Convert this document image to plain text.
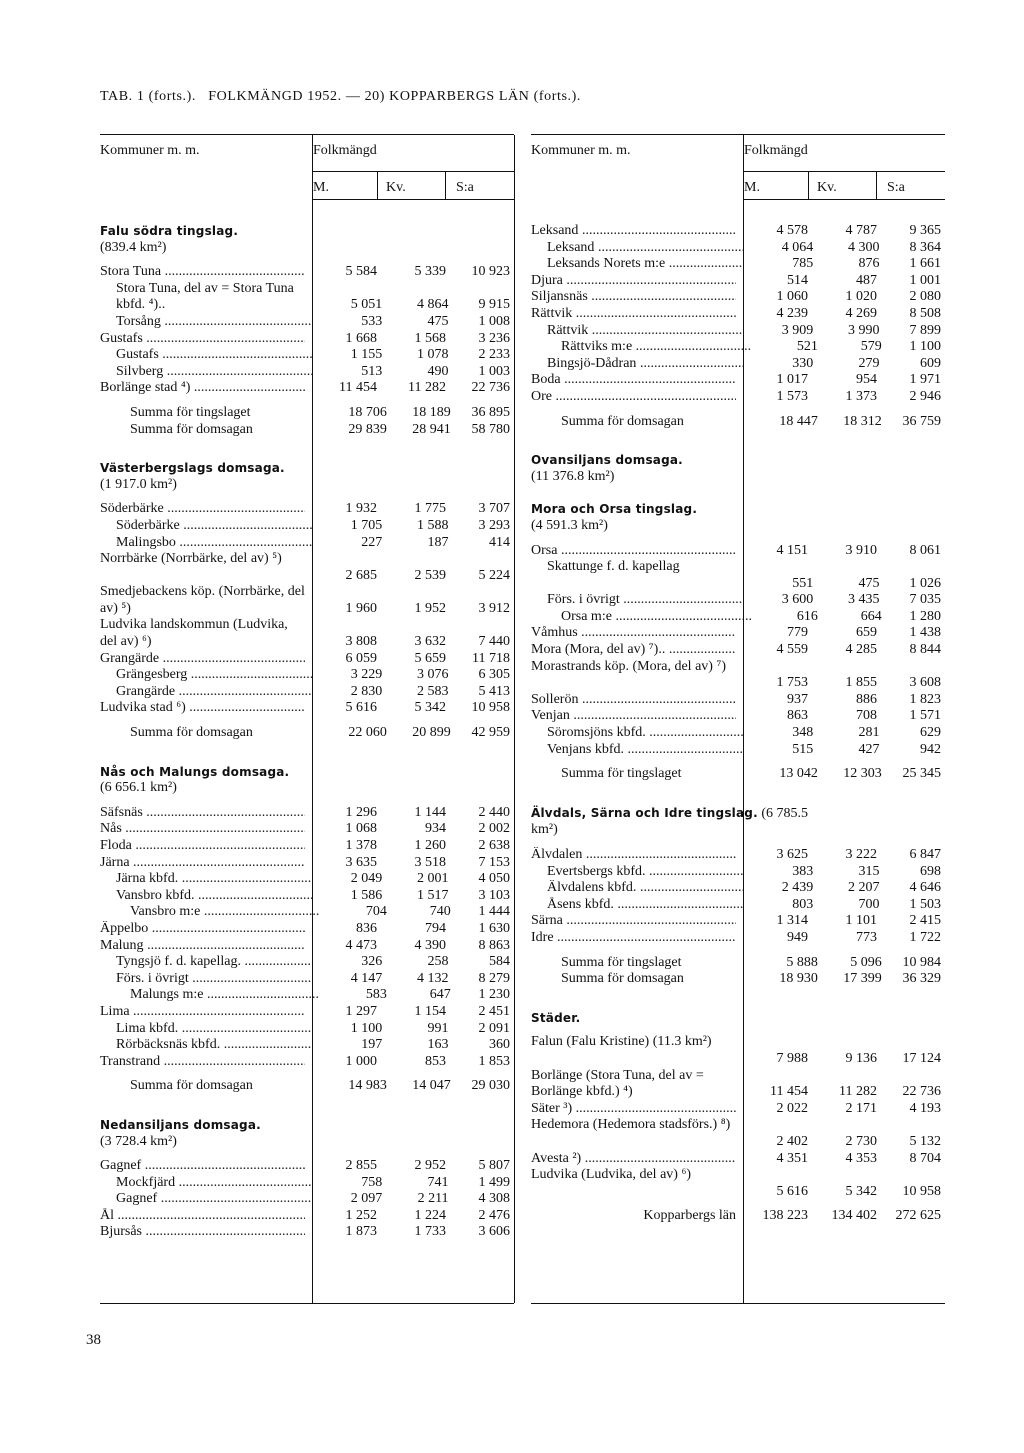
TAB. 1 (forts.). FOLKMÄNGD 1952. — 20) KOPPARBERGS LÄN (forts.).
Kommuner m. m.	Folkmängd
M.	Kv.	S:a
Falu södra tingslag.
(839.4 km²)
Stora Tuna .....	5 584	5 339	10 923
Stora Tuna, del av = Stora Tuna kbfd. ⁴)..	5 051	4 864	9 915
Torsång .....	533	475	1 008
Gustafs .....	1 668	1 568	3 236
Gustafs .....	1 155	1 078	2 233
Silvberg .....	513	490	1 003
Borlänge stad ⁴) .....	11 454	11 282	22 736
Summa för tingslaget	18 706	18 189	36 895
Summa för domsagan	29 839	28 941	58 780
Västerbergslags domsaga.
(1 917.0 km²)
Söderbärke .....	1 932	1 775	3 707
Söderbärke .....	1 705	1 588	3 293
Malingsbo .....	227	187	414
Norrbärke (Norrbärke, del av) ⁵)
2 685	2 539	5 224
Smedjebackens köp. (Norrbärke, del av) ⁵)	1 960	1 952	3 912
Ludvika landskommun (Ludvika, del av) ⁶)	3 808	3 632	7 440
Grangärde .....	6 059	5 659	11 718
Grängesberg .....	3 229	3 076	6 305
Grangärde .....	2 830	2 583	5 413
Ludvika stad ⁶) .....	5 616	5 342	10 958
Summa för domsagan	22 060	20 899	42 959
Nås och Malungs domsaga.
(6 656.1 km²)
Säfsnäs .....	1 296	1 144	2 440
Nås .....	1 068	934	2 002
Floda .....	1 378	1 260	2 638
Järna .....	3 635	3 518	7 153
Järna kbfd. .....	2 049	2 001	4 050
Vansbro kbfd. .....	1 586	1 517	3 103
Vansbro m:e .....	704	740	1 444
Äppelbo .....	836	794	1 630
Malung .....	4 473	4 390	8 863
Tyngsjö f. d. kapellag. .....	326	258	584
Förs. i övrigt .....	4 147	4 132	8 279
Malungs m:e .....	583	647	1 230
Lima .....	1 297	1 154	2 451
Lima kbfd. .....	1 100	991	2 091
Rörbäcksnäs kbfd. .....	197	163	360
Transtrand .....	1 000	853	1 853
Summa för domsagan	14 983	14 047	29 030
Nedansiljans domsaga.
(3 728.4 km²)
Gagnef .....	2 855	2 952	5 807
Mockfjärd .....	758	741	1 499
Gagnef .....	2 097	2 211	4 308
Ål .....	1 252	1 224	2 476
Bjursås .....	1 873	1 733	3 606
Kommuner m. m.	Folkmängd
M.	Kv.	S:a
Leksand .....	4 578	4 787	9 365
Leksand .....	4 064	4 300	8 364
Leksands Norets m:e .....	785	876	1 661
Djura .....	514	487	1 001
Siljansnäs .....	1 060	1 020	2 080
Rättvik .....	4 239	4 269	8 508
Rättvik .....	3 909	3 990	7 899
Rättviks m:e .....	521	579	1 100
Bingsjö-Dådran .....	330	279	609
Boda .....	1 017	954	1 971
Ore .....	1 573	1 373	2 946
Summa för domsagan	18 447	18 312	36 759
Ovansiljans domsaga.
(11 376.8 km²)
Mora och Orsa tingslag.
(4 591.3 km²)
Orsa .....	4 151	3 910	8 061
Skattunge f. d. kapellag
551	475	1 026
Förs. i övrigt .....	3 600	3 435	7 035
Orsa m:e .....	616	664	1 280
Våmhus .....	779	659	1 438
Mora (Mora, del av) ⁷).. .....	4 559	4 285	8 844
Morastrands köp. (Mora, del av) ⁷)
1 753	1 855	3 608
Sollerön .....	937	886	1 823
Venjan .....	863	708	1 571
Söromsjöns kbfd. .....	348	281	629
Venjans kbfd. .....	515	427	942
Summa för tingslaget	13 042	12 303	25 345
Älvdals, Särna och Idre tingslag. (6 785.5 km²)
Älvdalen .....	3 625	3 222	6 847
Evertsbergs kbfd. .....	383	315	698
Älvdalens kbfd. .....	2 439	2 207	4 646
Åsens kbfd. .....	803	700	1 503
Särna .....	1 314	1 101	2 415
Idre .....	949	773	1 722
Summa för tingslaget	5 888	5 096	10 984
Summa för domsagan	18 930	17 399	36 329
Städer.
Falun (Falu Kristine) (11.3 km²)
7 988	9 136	17 124
Borlänge (Stora Tuna, del av = Borlänge kbfd.) ⁴)	11 454	11 282	22 736
Säter ³) .....	2 022	2 171	4 193
Hedemora (Hedemora stadsförs.) ⁸)
2 402	2 730	5 132
Avesta ²) .....	4 351	4 353	8 704
Ludvika (Ludvika, del av) ⁶)
5 616	5 342	10 958
Kopparbergs län	138 223	134 402	272 625
38
